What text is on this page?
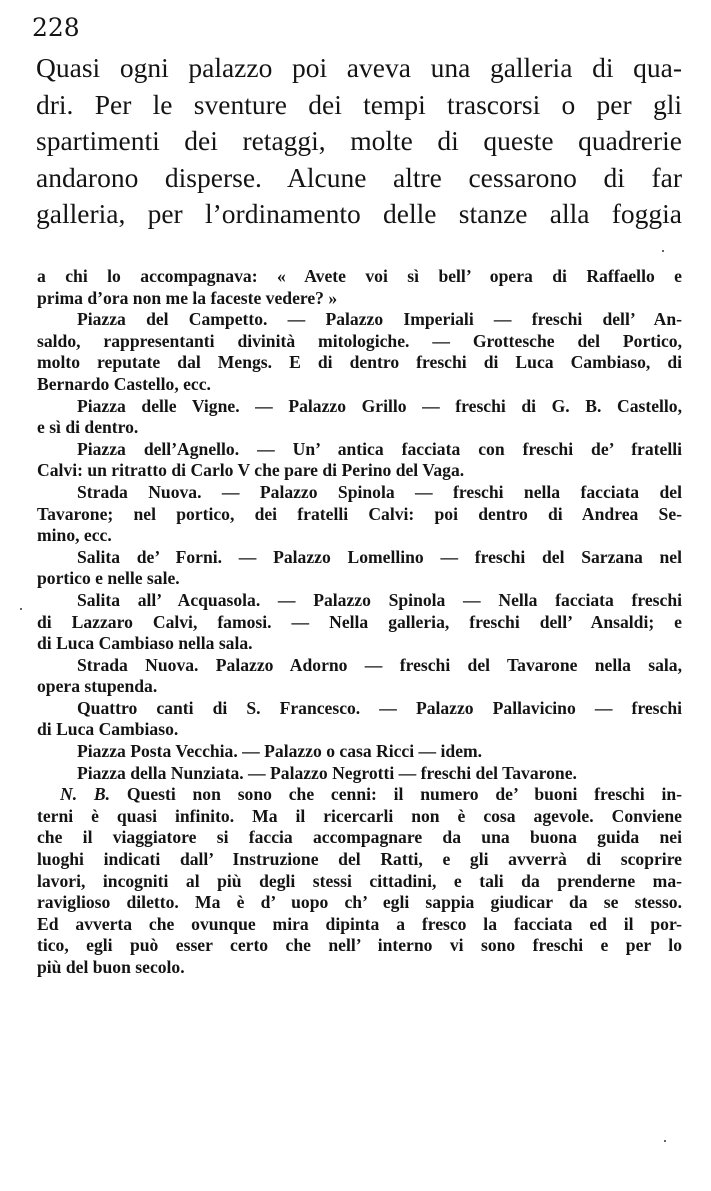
228
Quasi ogni palazzo poi aveva una galleria di qua-
dri. Per le sventure dei tempi trascorsi o per gli
spartimenti dei retaggi, molte di queste quadrerie
andarono disperse. Alcune altre cessarono di far
galleria, per l’ordinamento delle stanze alla foggia
a chi lo accompagnava: « Avete voi sì bell’ opera di Raffaello e
prima d’ora non me la faceste vedere? »
Piazza del Campetto. — Palazzo Imperiali — freschi dell’ An-
saldo, rappresentanti divinità mitologiche. — Grottesche del Portico,
molto reputate dal Mengs. E di dentro freschi di Luca Cambiaso, di
Bernardo Castello, ecc.
Piazza delle Vigne. — Palazzo Grillo — freschi di G. B. Castello,
e sì di dentro.
Piazza dell’Agnello. — Un’ antica facciata con freschi de’ fratelli
Calvi: un ritratto di Carlo V che pare di Perino del Vaga.
Strada Nuova. — Palazzo Spinola — freschi nella facciata del
Tavarone; nel portico, dei fratelli Calvi: poi dentro di Andrea Se-
mino, ecc.
Salita de’ Forni. — Palazzo Lomellino — freschi del Sarzana nel
portico e nelle sale.
Salita all’ Acquasola. — Palazzo Spinola — Nella facciata freschi
di Lazzaro Calvi, famosi. — Nella galleria, freschi dell’ Ansaldi; e
di Luca Cambiaso nella sala.
Strada Nuova. Palazzo Adorno — freschi del Tavarone nella sala,
opera stupenda.
Quattro canti di S. Francesco. — Palazzo Pallavicino — freschi
di Luca Cambiaso.
Piazza Posta Vecchia. — Palazzo o casa Ricci — idem.
Piazza della Nunziata. — Palazzo Negrotti — freschi del Tavarone.
N. B. Questi non sono che cenni: il numero de’ buoni freschi in-
terni è quasi infinito. Ma il ricercarli non è cosa agevole. Conviene
che il viaggiatore si faccia accompagnare da una buona guida nei
luoghi indicati dall’ Instruzione del Ratti, e gli avverrà di scoprire
lavori, incogniti al più degli stessi cittadini, e tali da prenderne ma-
raviglioso diletto. Ma è d’ uopo ch’ egli sappia giudicar da se stesso.
Ed avverta che ovunque mira dipinta a fresco la facciata ed il por-
tico, egli può esser certo che nell’ interno vi sono freschi e per lo
più del buon secolo.
